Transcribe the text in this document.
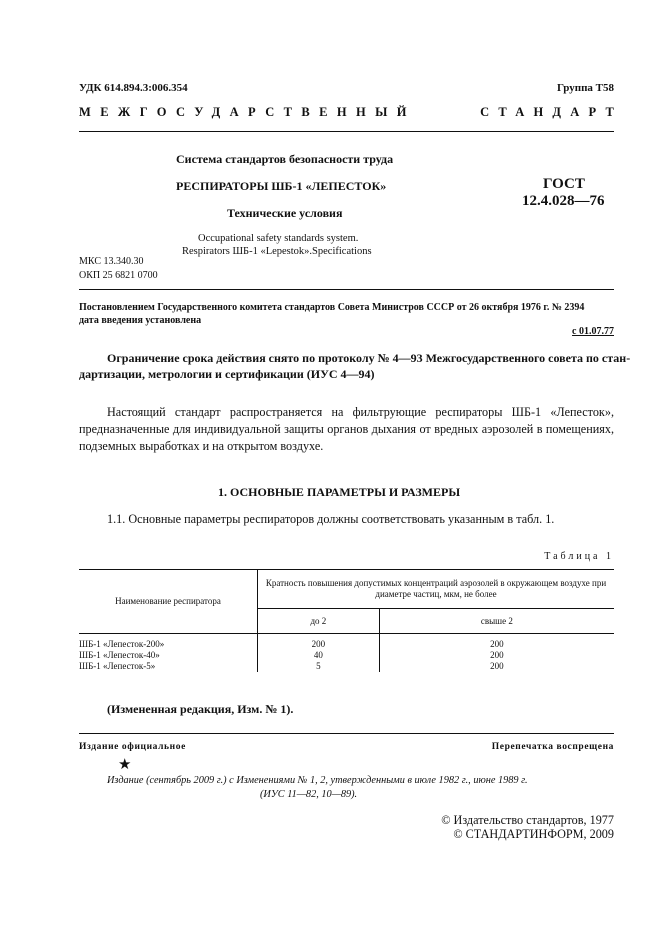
УДК 614.894.3:006.354	Группа Т58
МЕЖГОСУДАРСТВЕННЫЙ	СТАНДАРТ
Система стандартов безопасности труда
РЕСПИРАТОРЫ ШБ-1 «ЛЕПЕСТОК»
Технические условия
Occupational safety standards system.
Respirators ШБ-1 «Lepestok».Specifications
ГОСТ
12.4.028—76
МКС 13.340.30
ОКП 25 6821 0700
Постановлением Государственного комитета стандартов Совета Министров СССР от 26 октября 1976 г. № 2394
дата введения установлена
с 01.07.77
Ограничение срока действия снято по протоколу № 4—93 Межгосударственного совета по стан-
дартизации, метрологии и сертификации (ИУС 4—94)
Настоящий стандарт распространяется на фильтрующие респираторы ШБ-1 «Лепесток», предназначенные для индивидуальной защиты органов дыхания от вредных аэрозолей в помещениях, подземных выработках и на открытом воздухе.
1. ОСНОВНЫЕ ПАРАМЕТРЫ И РАЗМЕРЫ
1.1. Основные параметры респираторов должны соответствовать указанным в табл. 1.
Таблица 1
Наименование респиратора	Кратность повышения допустимых концентраций аэрозолей в окружающем воздухе при диаметре частиц, мкм, не более	
	до 2	свыше 2
ШБ-1 «Лепесток-200»	200	200
ШБ-1 «Лепесток-40»	40	200
ШБ-1 «Лепесток-5»	5	200
(Измененная редакция, Изм. № 1).
Издание официальное	Перепечатка воспрещена
★
Издание (сентябрь 2009 г.) с Изменениями № 1, 2, утвержденными в июле 1982 г., июне 1989 г.
(ИУС 11—82, 10—89).
© Издательство стандартов, 1977
© СТАНДАРТИНФОРМ, 2009
